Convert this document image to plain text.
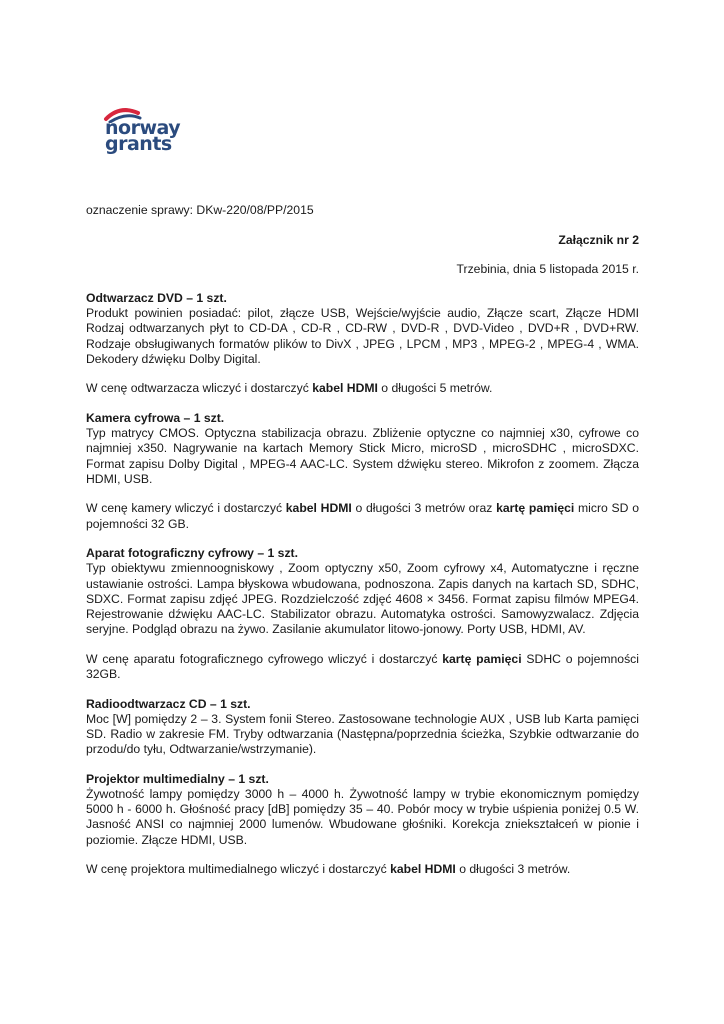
norway
grants
oznaczenie sprawy: DKw-220/08/PP/2015
Załącznik nr 2
Trzebinia, dnia 5 listopada 2015 r.

Odtwarzacz DVD – 1 szt.

Produkt powinien posiadać: pilot, złącze USB, Wejście/wyjście audio, Złącze scart, Złącze HDMI Rodzaj odtwarzanych płyt to CD-DA , CD-R , CD-RW , DVD-R , DVD-Video , DVD+R , DVD+RW. Rodzaje obsługiwanych formatów plików to DivX , JPEG , LPCM , MP3 , MPEG-2 , MPEG-4 , WMA. Dekodery dźwięku Dolby Digital.

W cenę odtwarzacza wliczyć i dostarczyć kabel HDMI o długości 5 metrów.

Kamera cyfrowa – 1 szt.

Typ matrycy CMOS. Optyczna stabilizacja obrazu. Zbliżenie optyczne co najmniej x30, cyfrowe co najmniej x350. Nagrywanie na kartach Memory Stick Micro, microSD , microSDHC , microSDXC. Format zapisu Dolby Digital , MPEG-4 AAC-LC. System dźwięku stereo. Mikrofon z zoomem. Złącza HDMI, USB.

W cenę kamery wliczyć i dostarczyć kabel HDMI o długości 3 metrów oraz kartę pamięci micro SD o pojemności 32 GB.

Aparat fotograficzny cyfrowy – 1 szt.

Typ obiektywu zmiennoogniskowy , Zoom optyczny x50, Zoom cyfrowy x4, Automatyczne i ręczne ustawianie ostrości. Lampa błyskowa wbudowana, podnoszona. Zapis danych na kartach SD, SDHC, SDXC. Format zapisu zdjęć JPEG. Rozdzielczość zdjęć 4608 × 3456. Format zapisu filmów MPEG4. Rejestrowanie dźwięku AAC-LC. Stabilizator obrazu. Automatyka ostrości. Samowyzwalacz. Zdjęcia seryjne. Podgląd obrazu na żywo. Zasilanie akumulator litowo-jonowy. Porty USB, HDMI, AV.

W cenę aparatu fotograficznego cyfrowego wliczyć i dostarczyć kartę pamięci SDHC o pojemności 32GB.

Radioodtwarzacz CD – 1 szt.

Moc [W] pomiędzy 2 – 3. System fonii Stereo. Zastosowane technologie AUX , USB lub Karta pamięci SD. Radio w zakresie FM. Tryby odtwarzania (Następna/poprzednia ścieżka, Szybkie odtwarzanie do przodu/do tyłu, Odtwarzanie/wstrzymanie).

Projektor multimedialny – 1 szt.

Żywotność lampy pomiędzy 3000 h – 4000 h. Żywotność lampy w trybie ekonomicznym pomiędzy 5000 h - 6000 h. Głośność pracy [dB] pomiędzy 35 – 40. Pobór mocy w trybie uśpienia poniżej 0.5 W. Jasność ANSI co najmniej 2000 lumenów. Wbudowane głośniki. Korekcja zniekształceń w pionie i poziomie. Złącze HDMI, USB.

W cenę projektora multimedialnego wliczyć i dostarczyć kabel HDMI o długości 3 metrów.
